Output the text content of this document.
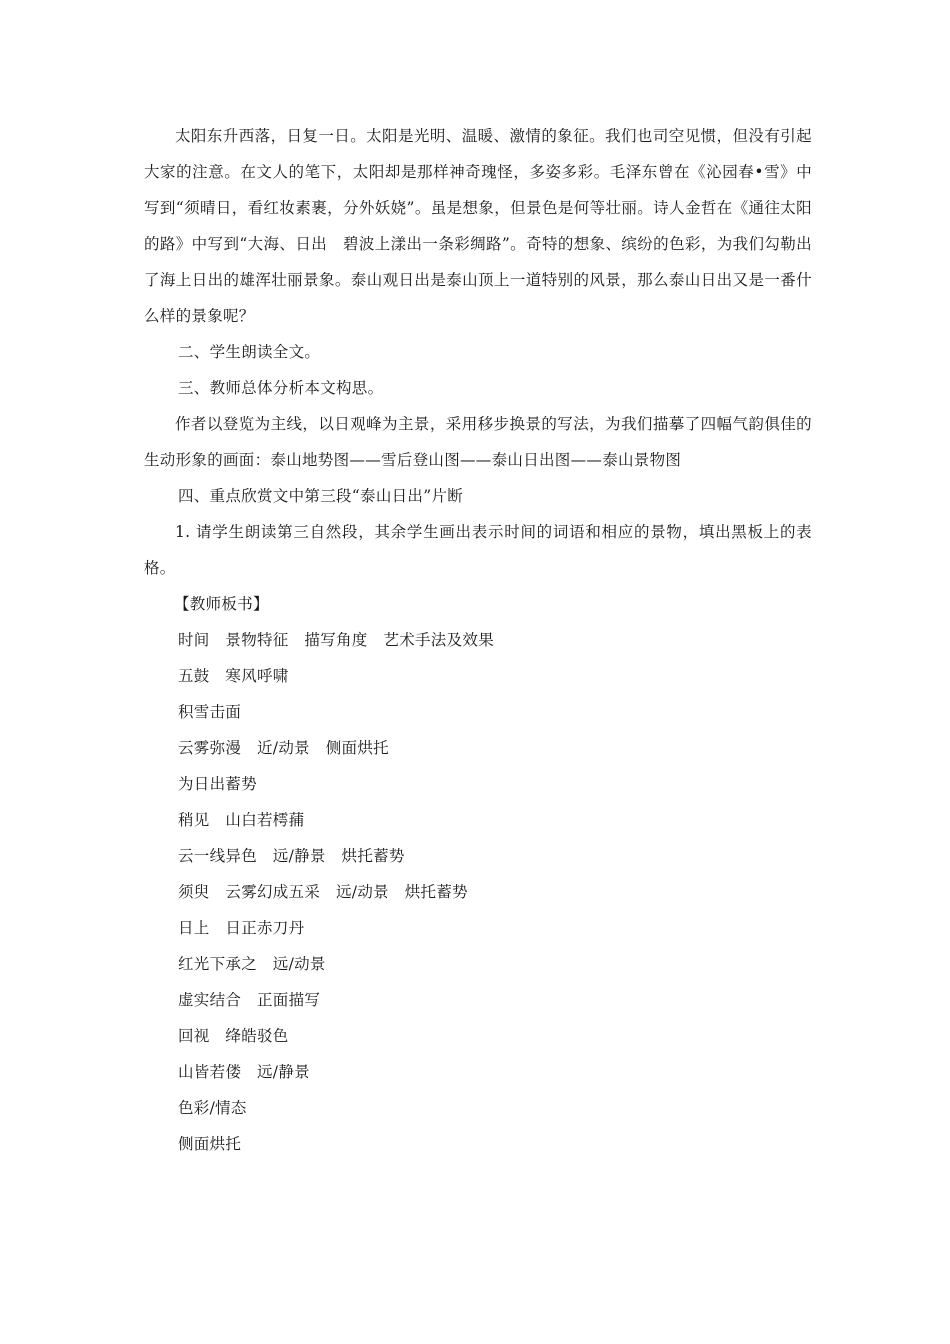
太阳东升西落，日复一日。太阳是光明、温暖、激情的象征。我们也司空见惯，但没有引起大家的注意。在文人的笔下，太阳却是那样神奇瑰怪，多姿多彩。毛泽东曾在《沁园春•雪》中写到“须晴日，看红妆素裹，分外妖娆”。虽是想象，但景色是何等壮丽。诗人金哲在《通往太阳的路》中写到“大海、日出　碧波上漾出一条彩绸路”。奇特的想象、缤纷的色彩，为我们勾勒出了海上日出的雄浑壮丽景象。泰山观日出是泰山顶上一道特别的风景，那么泰山日出又是一番什么样的景象呢？

二、学生朗读全文。

三、教师总体分析本文构思。

作者以登览为主线，以日观峰为主景，采用移步换景的写法，为我们描摹了四幅气韵俱佳的生动形象的画面：泰山地势图——雪后登山图——泰山日出图——泰山景物图

四、重点欣赏文中第三段“泰山日出”片断

1. 请学生朗读第三自然段，其余学生画出表示时间的词语和相应的景物，填出黑板上的表格。

【教师板书】

时间　景物特征　描写角度　艺术手法及效果

五鼓　寒风呼啸

积雪击面

云雾弥漫　近/动景　侧面烘托

为日出蓄势

稍见　山白若樗蒱

云一线异色　远/静景　烘托蓄势

须臾　云雾幻成五采　远/动景　烘托蓄势

日上　日正赤刀丹

红光下承之　远/动景

虚实结合　正面描写

回视　绛皓驳色

山皆若偻　远/静景

色彩/情态

侧面烘托
